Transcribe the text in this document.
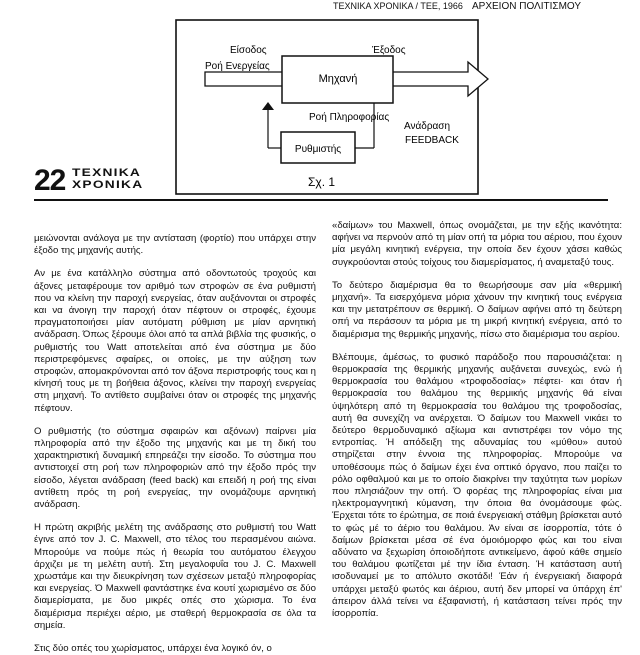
ΤΕΧΝΙΚΑ ΧΡΟΝΙΚΑ / ΤΕΕ, 1966 ΑΡΧΕΙΟΝ ΠΟΛΙΤΙΣΜΟΥ
Είσοδος	Έξοδος
Ροή Ενεργείας
Μηχανή
Ροή Πληροφορίας
Ρυθμιστής
Ανάδραση
FEEDBACK
Σχ. 1
22 ΤΕΧΝΙΚΑ
ΧΡΟΝΙΚΑ

μειώνονται ανάλογα με την αντίσταση (φορτίο) που υπάρχει στην έξοδο της μηχανής αυτής.

Αν με ένα κατάλληλο σύστημα από οδοντωτούς τροχούς και άξονες μεταφέρουμε τον αριθμό των στροφών σε ένα ρυθμιστή που να κλείνη την παροχή ενεργείας, όταν αυξάνονται οι στροφές και να άνοιγη την παροχή όταν πέφτουν οι στροφές, έχουμε πραγματοποιήσει μίαν αυτόματη ρύθμιση με μίαν αρνητική ανάδραση. Όπως ξέρουμε όλοι από τα απλά βιβλία της φυσικής, ο ρυθμιστής του Watt αποτελείται από ένα σύστημα με δύο περιστρεφόμενες σφαίρες, οι οποίες, με την αύξηση των στροφών, απομακρύνονται από τον άξονα περιστροφής τους και η κίνησή τους με τη βοήθεια άξονος, κλείνει την παροχή ενεργείας στη μηχανή. Το αντίθετο συμβαίνει όταν οι στροφές της μηχανής πέφτουν.

Ο ρυθμιστής (το σύστημα σφαιρών και αξόνων) παίρνει μία πληροφορία από την έξοδο της μηχανής και με τη δική του χαρακτηριστική δυναμική επηρεάζει την είσοδο. Το σύστημα που αντιστοιχεί στη ροή των πληροφοριών από την έξοδο πρός την είσοδο, λέγεται ανάδραση (feed back) και επειδή η ροή της είναι αντίθετη πρός τη ροή ενεργείας, την ονομάζουμε αρνητική ανάδραση.

Η πρώτη ακριβής μελέτη της ανάδρασης στο ρυθμιστή του Watt έγινε από τον J. C. Maxwell, στο τέλος του περασμένου αιώνα. Μπορούμε να πούμε πώς ή θεωρία του αυτόματου έλεγχου άρχιζει με τη μελέτη αυτή. Στη μεγαλοφυΐα του J. C. Maxwell χρωστάμε και την διευκρίνηση των σχέσεων μεταξύ πληροφορίας και ενεργείας. Ό Maxwell φαντάστηκε ένα κουτί χωρισμένο σε δύο διαμερίσματα, με δυο μικρές οπές στο χώρισμα. Το ένα διαμέρισμα περιέχει αέριο, με σταθερή θερμοκρασία σε όλα τα σημεία.

Στις δύο οπές του χωρίσματος, υπάρχει ένα λογικό όν, ο

«δαίμων» του Maxwell, όπως ονομάζεται, με την εξής ικανότητα: αφήνει να περνούν από τη μίαν οπή τα μόρια του αέριου, που έχουν μία μεγάλη κινητική ενέργεια, την οποία δεν έχουν χάσει καθώς συγκρούονται στούς τοίχους του διαμερίσματος, ή αναμεταξύ τους.

Το δεύτερο διαμέρισμα θα το θεωρήσουμε σαν μία «θερμική μηχανή». Τα εισερχόμενα μόρια χάνουν την κινητική τους ενέργεια και την μετατρέπουν σε θερμική. Ο δαίμων αφήνει από τη δεύτερη οπή να περάσουν τα μόρια με τη μικρή κινητική ενέργεια, από το διαμέρισμα της θερμικής μηχανής, πίσω στο διαμέρισμα του αερίου.

Βλέπουμε, άμέσως, το φυσικό παράδοξο που παρουσιάζεται: η θερμοκρασία της θερμικής μηχανής αυξάνεται συνεχώς, ενώ ή θερμοκρασία του θαλάμου «τροφοδοσίας» πέφτει· και όταν ή θερμοκρασία του θαλάμου της θερμικής μηχανής θά είναι ύψηλότερη από τη θερμοκρασία του θαλάμου της τροφοδοσίας, αυτή θα συνεχίζη να ανέρχεται. Ό δαίμων του Maxwell νικάει το δεύτερο θερμοδυναμικό αξίωμα και αντιστρέφει τον νόμο της εντροπίας. Ή απόδειξη της αδυναμίας του «μύθου» αυτού στηρίζεται στην έννοια της πληροφορίας. Μπορούμε να υποθέσουμε πώς ό δαίμων έχει ένα οπτικό όργανο, που παίζει το ρόλο οφθαλμού και με το οποίο διακρίνει την ταχύτητα των μορίων που πλησιάζουν την οπή. Ό φορέας της πληροφορίας είναι μια ηλεκτρομαγνητική κύμανση, την όποια θα όνομάσουμε φώς. Έρχεται τότε το έρώτημα, σε ποιά ένεργειακή στάθμη βρίσκεται αυτό το φώς μέ το άέριο του θαλάμου. Άν είναι σε ίσορροπία, τότε ό δαίμων βρίσκεται μέσα σέ ένα όμοιόμορφο φώς και του είναι αδύνατο να ξεχωρίση όποιοδήποτε αντικείμενο, άφού κάθε σημείο του θαλάμου φωτίζεται μέ την ίδια ένταση. Ή κατάσταση αυτή ισοδυναμεί με το απόλυτο σκοτάδι! Έάν ή ένεργειακή διαφορά υπάρχει μεταξύ φωτός και άέριου, αυτή δεν μπορεί να ύπάρχη έπ' άπειρον άλλά τείνει να έξαφανιστή, ή κατάσταση τείνει πρός την ίσορροπία.
